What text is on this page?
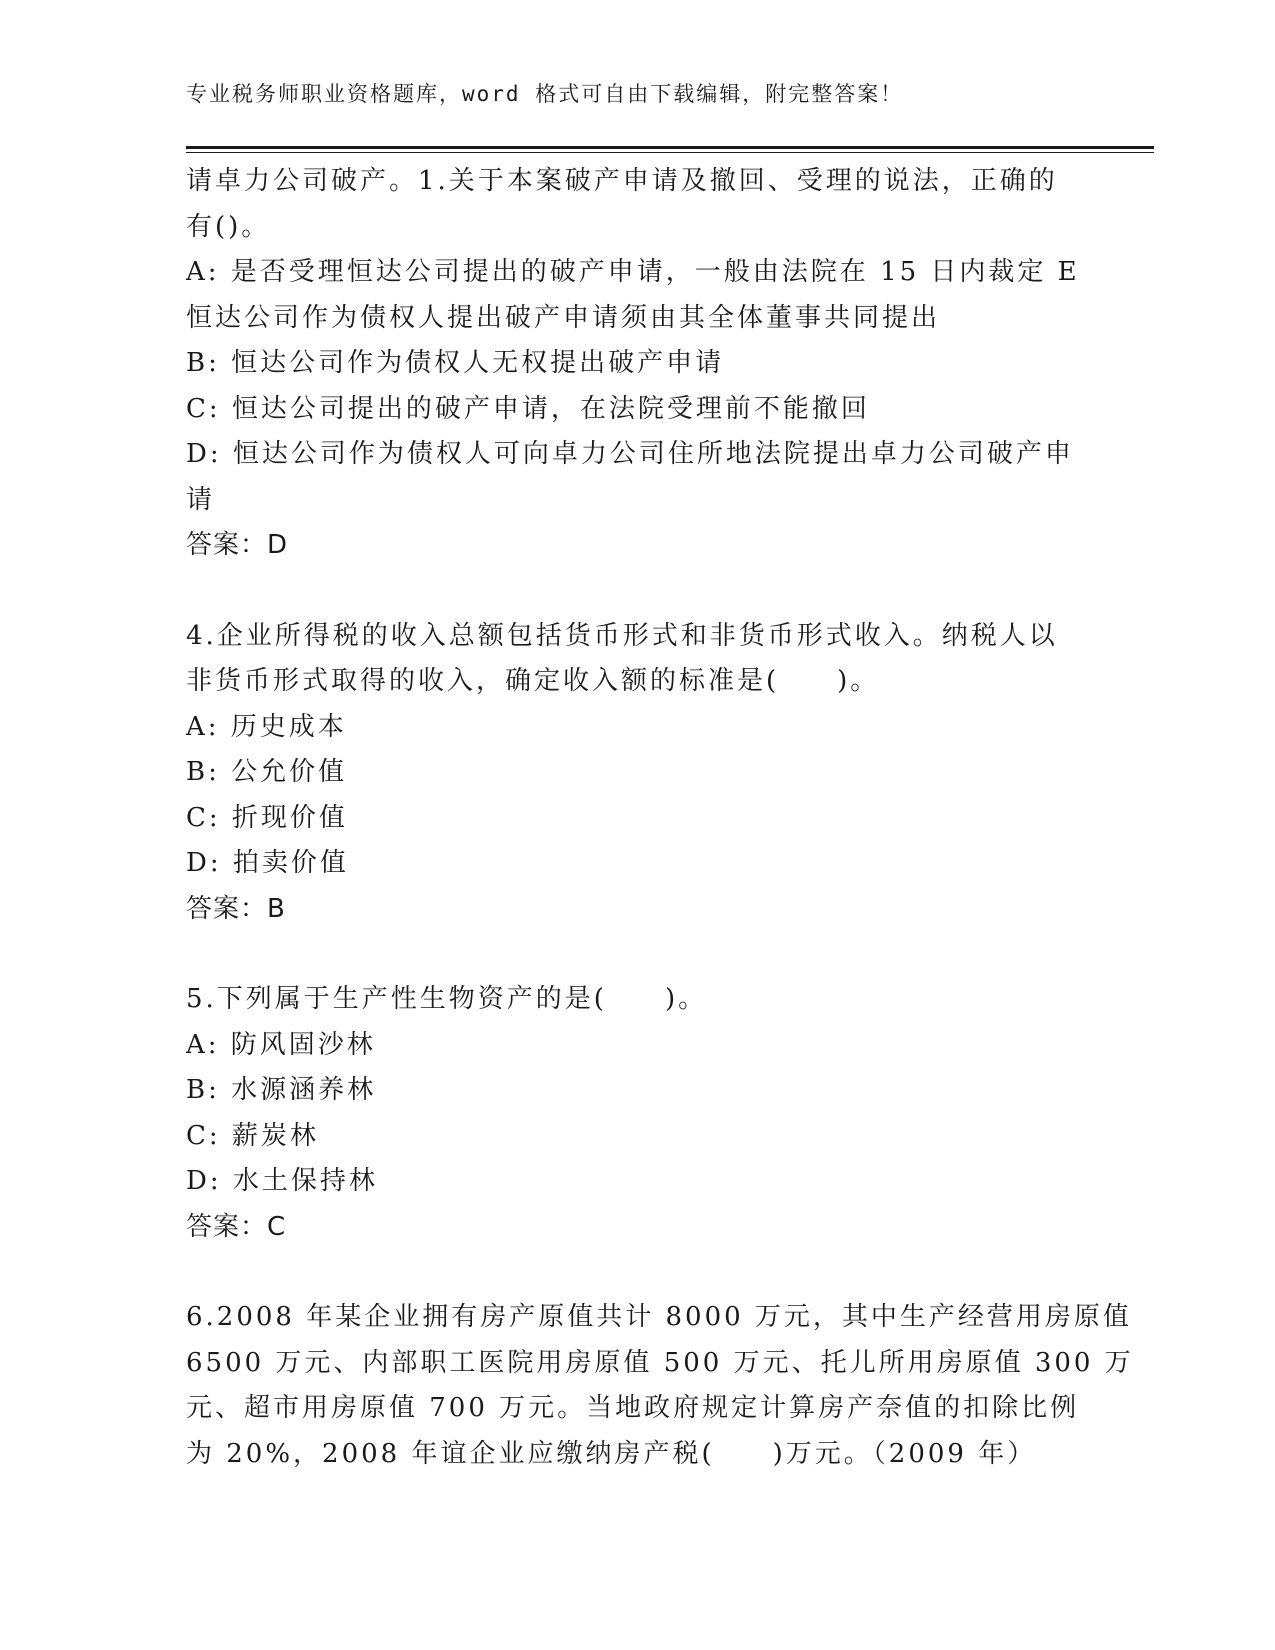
专业税务师职业资格题库，word 格式可自由下载编辑，附完整答案！
请卓力公司破产。1.关于本案破产申请及撤回、受理的说法，正确的
有()。
A: 是否受理恒达公司提出的破产申请，一般由法院在 15 日内裁定 E
恒达公司作为债权人提出破产申请须由其全体董事共同提出
B: 恒达公司作为债权人无权提出破产申请
C: 恒达公司提出的破产申请，在法院受理前不能撤回
D: 恒达公司作为债权人可向卓力公司住所地法院提出卓力公司破产申
请
答案：D
4.企业所得税的收入总额包括货币形式和非货币形式收入。纳税人以
非货币形式取得的收入，确定收入额的标准是(　　)。
A: 历史成本
B: 公允价值
C: 折现价值
D: 拍卖价值
答案：B
5.下列属于生产性生物资产的是(　　)。
A: 防风固沙林
B: 水源涵养林
C: 薪炭林
D: 水土保持林
答案：C
6.2008 年某企业拥有房产原值共计 8000 万元，其中生产经营用房原值
6500 万元、内部职工医院用房原值 500 万元、托儿所用房原值 300 万
元、超市用房原值 700 万元。当地政府规定计算房产奈值的扣除比例
为 20%，2008 年谊企业应缴纳房产税(　　)万元。（2009 年）
